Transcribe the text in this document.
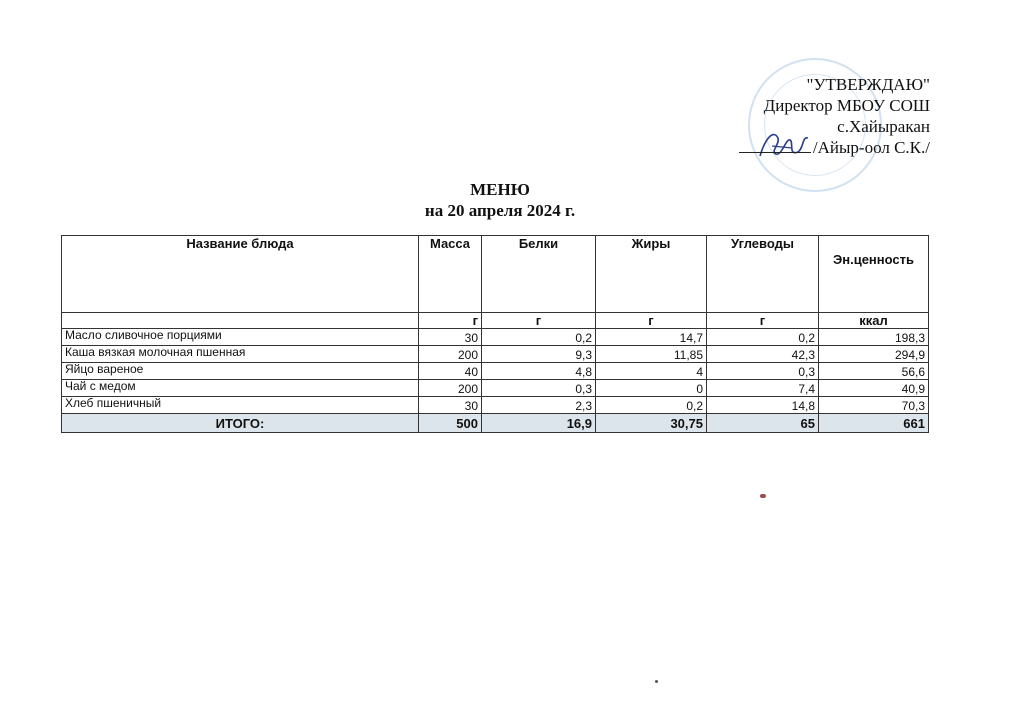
"УТВЕРЖДАЮ"
Директор МБОУ СОШ
с.Хайыракан
/Айыр-оол С.К./
МЕНЮ
на 20 апреля 2024 г.
Название блюда	Масса	Белки	Жиры	Углеводы	Эн.ценность
	г	г	г	г	ккал
Масло сливочное порциями	30	0,2	14,7	0,2	198,3
Каша вязкая молочная пшенная	200	9,3	11,85	42,3	294,9
Яйцо вареное	40	4,8	4	0,3	56,6
Чай с медом	200	0,3	0	7,4	40,9
Хлеб пшеничный	30	2,3	0,2	14,8	70,3
ИТОГО:	500	16,9	30,75	65	661
